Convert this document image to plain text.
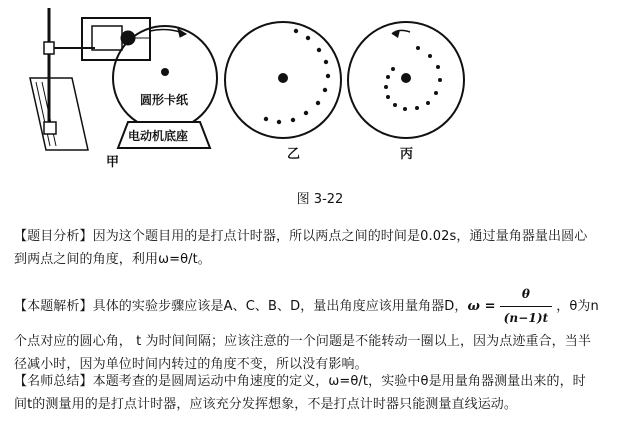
圆形卡纸
电动机底座
甲
乙	丙
图 3-22
【题目分析】因为这个题目用的是打点计时器，所以两点之间的时间是0.02s，通过量角器量出圆心
到两点之间的角度，利用ω=θ/t。
【本题解析】具体的实验步骤应该是A、C、B、D，量出角度应该用量角器D，$\omega = \frac{\theta}{(n-1)t}$ ，θ为n
个点对应的圆心角， t 为时间间隔；应该注意的一个问题是不能转动一圈以上，因为点迹重合，当半
径减小时，因为单位时间内转过的角度不变，所以没有影响。
【名师总结】本题考查的是圆周运动中角速度的定义，ω=θ/t，实验中θ是用量角器测量出来的，时
间t的测量用的是打点计时器，应该充分发挥想象，不是打点计时器只能测量直线运动。
